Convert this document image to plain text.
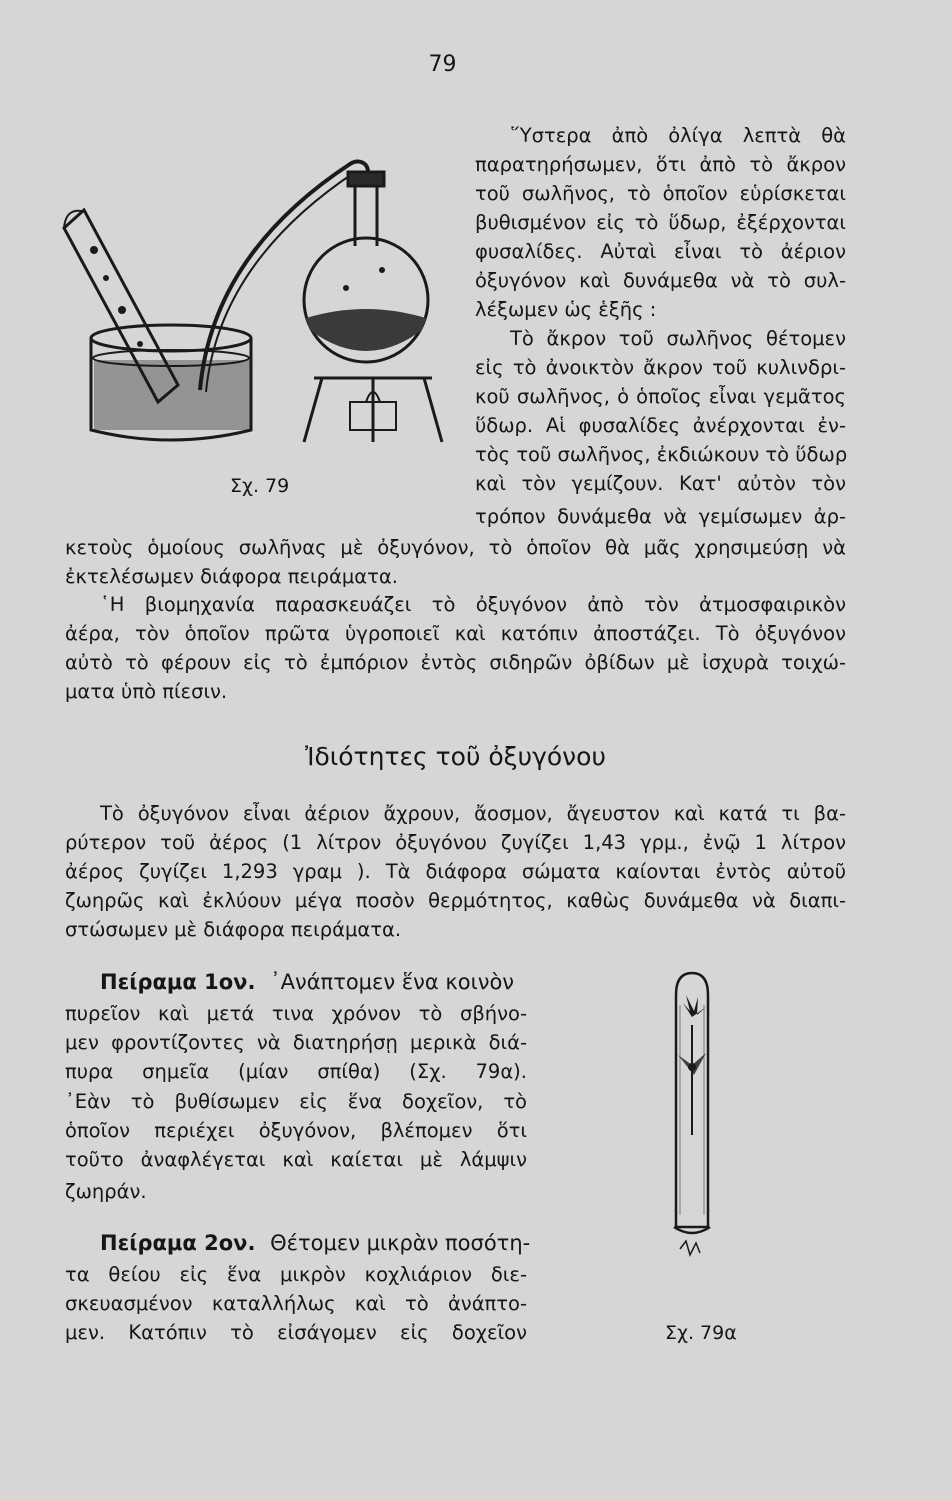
79
Σχ. 79
῞Υστερα ἀπὸ ὀλίγα λεπτὰ θὰ
παρατηρήσωμεν, ὅτι ἀπὸ τὸ ἄκρον
τοῦ σωλῆνος, τὸ ὁποῖον εὑρίσκεται
βυθισμένον εἰς τὸ ὕδωρ, ἐξέρχονται
φυσαλίδες. Αὐταὶ εἶναι τὸ ἀέριον
ὀξυγόνον καὶ δυνάμεθα νὰ τὸ συλ-
λέξωμεν ὡς ἑξῆς :
Τὸ ἄκρον τοῦ σωλῆνος θέτομεν
εἰς τὸ ἀνοικτὸν ἄκρον τοῦ κυλινδρι-
κοῦ σωλῆνος, ὁ ὁποῖος εἶναι γεμᾶτος
ὕδωρ. Αἱ φυσαλίδες ἀνέρχονται ἐν-
τὸς τοῦ σωλῆνος, ἐκδιώκουν τὸ ὕδωρ
καὶ τὸν γεμίζουν. Κατ' αὐτὸν τὸν
τρόπον δυνάμεθα νὰ γεμίσωμεν ἀρ-
κετοὺς ὁμοίους σωλῆνας μὲ ὀξυγόνον, τὸ ὁποῖον θὰ μᾶς χρησιμεύσῃ νὰ
ἐκτελέσωμεν διάφορα πειράματα.
῾Η βιομηχανία παρασκευάζει τὸ ὀξυγόνον ἀπὸ τὸν ἀτμοσφαιρικὸν
ἀέρα, τὸν ὁποῖον πρῶτα ὑγροποιεῖ καὶ κατόπιν ἀποστάζει. Τὸ ὀξυγόνον
αὐτὸ τὸ φέρουν εἰς τὸ ἐμπόριον ἐντὸς σιδηρῶν ὀβίδων μὲ ἰσχυρὰ τοιχώ-
ματα ὑπὸ πίεσιν.
Ἰδιότητες τοῦ ὀξυγόνου
Τὸ ὀξυγόνον εἶναι ἀέριον ἄχρουν, ἄοσμον, ἄγευστον καὶ κατά τι βα-
ρύτερον τοῦ ἀέρος (1 λίτρον ὀξυγόνου ζυγίζει 1,43 γρμ., ἐνῷ 1 λίτρον
ἀέρος ζυγίζει 1,293 γραμ ). Τὰ διάφορα σώματα καίονται ἐντὸς αὐτοῦ
ζωηρῶς καὶ ἐκλύουν μέγα ποσὸν θερμότητος, καθὼς δυνάμεθα νὰ διαπι-
στώσωμεν μὲ διάφορα πειράματα.
Πείραμα 1ον. ᾿Ανάπτομεν ἕνα κοινὸν
πυρεῖον καὶ μετά τινα χρόνον τὸ σβήνο-
μεν φροντίζοντες νὰ διατηρήσῃ μερικὰ διά-
πυρα σημεῖα (μίαν σπίθα) (Σχ. 79α).
᾿Εὰν τὸ βυθίσωμεν εἰς ἕνα δοχεῖον, τὸ
ὁποῖον περιέχει ὀξυγόνον, βλέπομεν ὅτι
τοῦτο ἀναφλέγεται καὶ καίεται μὲ λάμψιν
ζωηράν.
Πείραμα 2ον. Θέτομεν μικρὰν ποσότη-
τα θείου εἰς ἕνα μικρὸν κοχλιάριον διε-
σκευασμένον καταλλήλως καὶ τὸ ἀνάπτο-
μεν. Κατόπιν τὸ εἰσάγομεν εἰς δοχεῖον	Σχ. 79α
